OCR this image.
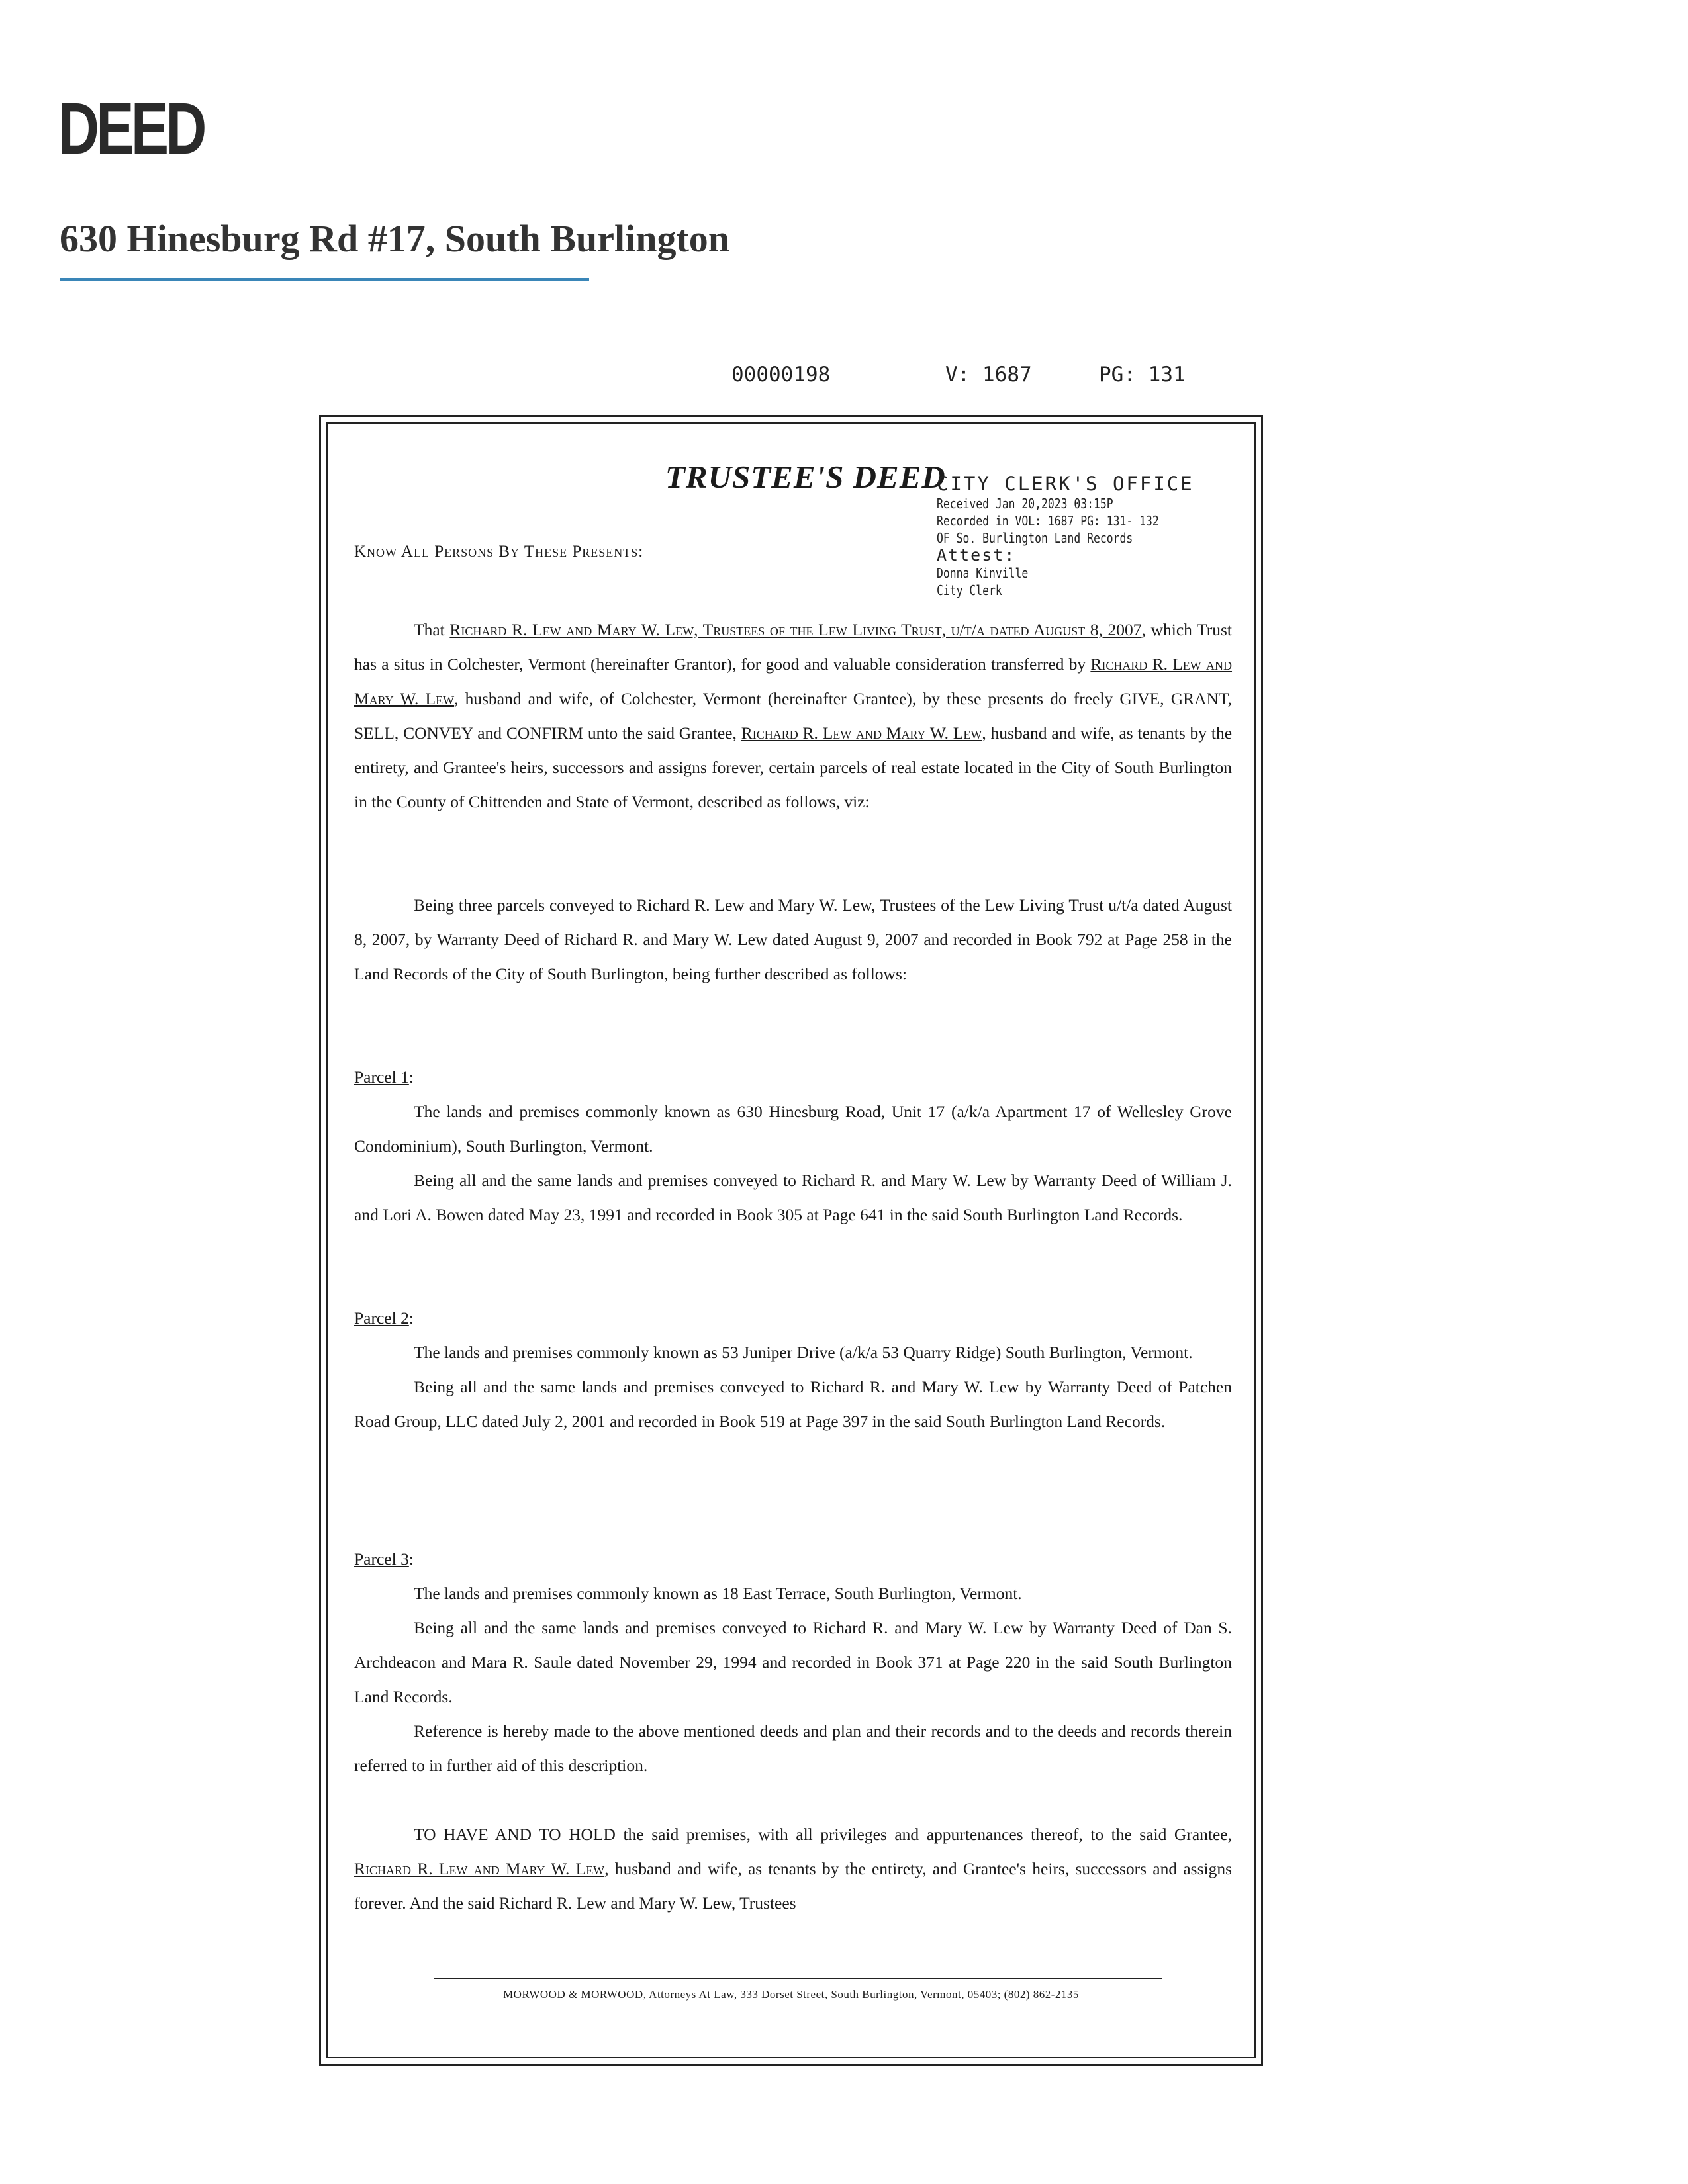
DEED
630 Hinesburg Rd #17, South Burlington
00000198	V: 1687	PG: 131
TRUSTEE'S DEED
CITY CLERK'S OFFICE
Received Jan 20,2023 03:15P
Recorded in VOL: 1687 PG: 131- 132
OF So. Burlington Land Records
Attest:
Donna Kinville
City Clerk
Know All Persons By These Presents:

That Richard R. Lew and Mary W. Lew, Trustees of the Lew Living Trust, u/t/a dated August 8, 2007, which Trust has a situs in Colchester, Vermont (hereinafter Grantor), for good and valuable consideration transferred by Richard R. Lew and Mary W. Lew, husband and wife, of Colchester, Vermont (hereinafter Grantee), by these presents do freely GIVE, GRANT, SELL, CONVEY and CONFIRM unto the said Grantee, Richard R. Lew and Mary W. Lew, husband and wife, as tenants by the entirety, and Grantee's heirs, successors and assigns forever, certain parcels of real estate located in the City of South Burlington in the County of Chittenden and State of Vermont, described as follows, viz:

Being three parcels conveyed to Richard R. Lew and Mary W. Lew, Trustees of the Lew Living Trust u/t/a dated August 8, 2007, by Warranty Deed of Richard R. and Mary W. Lew dated August 9, 2007 and recorded in Book 792 at Page 258 in the Land Records of the City of South Burlington, being further described as follows:

Parcel 1:

The lands and premises commonly known as 630 Hinesburg Road, Unit 17 (a/k/a Apartment 17 of Wellesley Grove Condominium), South Burlington, Vermont.

Being all and the same lands and premises conveyed to Richard R. and Mary W. Lew by Warranty Deed of William J. and Lori A. Bowen dated May 23, 1991 and recorded in Book 305 at Page 641 in the said South Burlington Land Records.

Parcel 2:

The lands and premises commonly known as 53 Juniper Drive (a/k/a 53 Quarry Ridge) South Burlington, Vermont.

Being all and the same lands and premises conveyed to Richard R. and Mary W. Lew by Warranty Deed of Patchen Road Group, LLC dated July 2, 2001 and recorded in Book 519 at Page 397 in the said South Burlington Land Records.

Parcel 3:

The lands and premises commonly known as 18 East Terrace, South Burlington, Vermont.

Being all and the same lands and premises conveyed to Richard R. and Mary W. Lew by Warranty Deed of Dan S. Archdeacon and Mara R. Saule dated November 29, 1994 and recorded in Book 371 at Page 220 in the said South Burlington Land Records.

Reference is hereby made to the above mentioned deeds and plan and their records and to the deeds and records therein referred to in further aid of this description.

TO HAVE AND TO HOLD the said premises, with all privileges and appurtenances thereof, to the said Grantee, Richard R. Lew and Mary W. Lew, husband and wife, as tenants by the entirety, and Grantee's heirs, successors and assigns forever. And the said Richard R. Lew and Mary W. Lew, Trustees

MORWOOD & MORWOOD, Attorneys At Law, 333 Dorset Street, South Burlington, Vermont, 05403; (802) 862-2135
